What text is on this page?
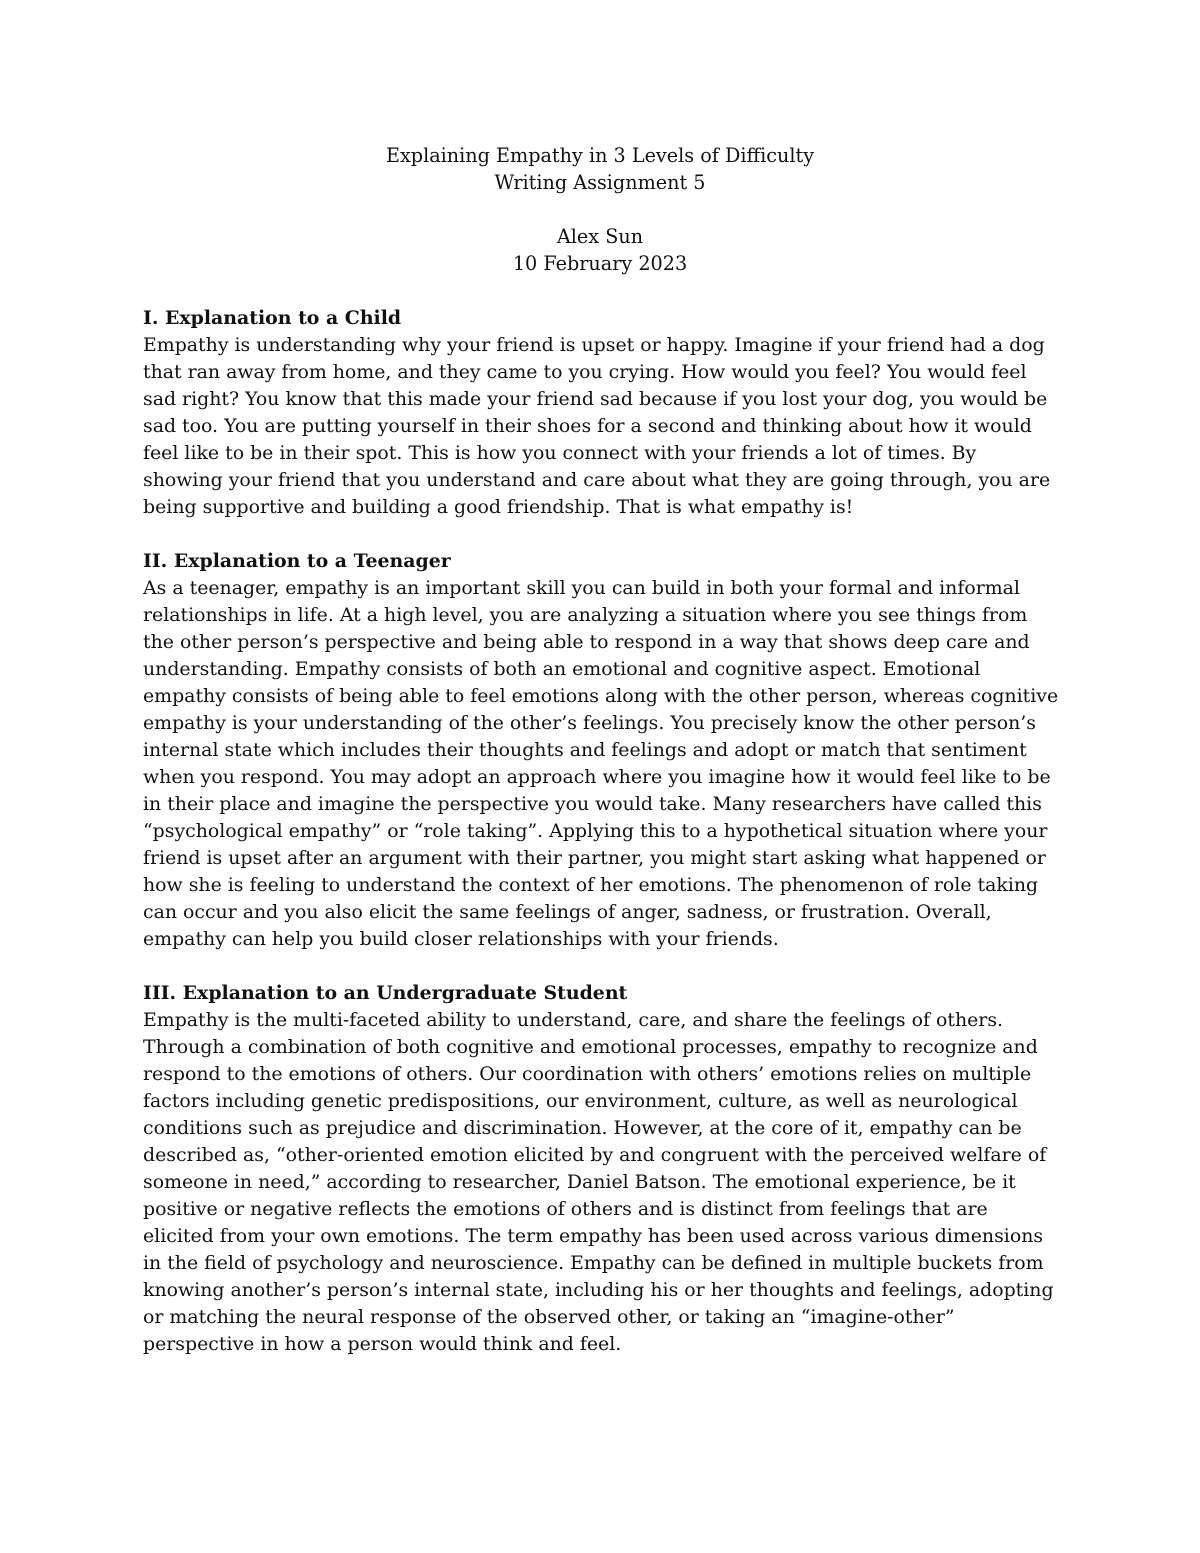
Explaining Empathy in 3 Levels of Difficulty
Writing Assignment 5
Alex Sun
10 February 2023
I. Explanation to a Child

Empathy is understanding why your friend is upset or happy. Imagine if your friend had a dog that ran away from home, and they came to you crying. How would you feel? You would feel sad right? You know that this made your friend sad because if you lost your dog, you would be sad too. You are putting yourself in their shoes for a second and thinking about how it would feel like to be in their spot. This is how you connect with your friends a lot of times. By showing your friend that you understand and care about what they are going through, you are being supportive and building a good friendship. That is what empathy is!

II. Explanation to a Teenager

As a teenager, empathy is an important skill you can build in both your formal and informal relationships in life. At a high level, you are analyzing a situation where you see things from the other person’s perspective and being able to respond in a way that shows deep care and understanding. Empathy consists of both an emotional and cognitive aspect. Emotional empathy consists of being able to feel emotions along with the other person, whereas cognitive empathy is your understanding of the other’s feelings. You precisely know the other person’s internal state which includes their thoughts and feelings and adopt or match that sentiment when you respond. You may adopt an approach where you imagine how it would feel like to be in their place and imagine the perspective you would take. Many researchers have called this “psychological empathy” or “role taking”. Applying this to a hypothetical situation where your friend is upset after an argument with their partner, you might start asking what happened or how she is feeling to understand the context of her emotions. The phenomenon of role taking can occur and you also elicit the same feelings of anger, sadness, or frustration. Overall, empathy can help you build closer relationships with your friends.

III. Explanation to an Undergraduate Student

Empathy is the multi-faceted ability to understand, care, and share the feelings of others. Through a combination of both cognitive and emotional processes, empathy to recognize and respond to the emotions of others. Our coordination with others’ emotions relies on multiple factors including genetic predispositions, our environment, culture, as well as neurological conditions such as prejudice and discrimination. However, at the core of it, empathy can be described as, “other-oriented emotion elicited by and congruent with the perceived welfare of someone in need,” according to researcher, Daniel Batson. The emotional experience, be it positive or negative reflects the emotions of others and is distinct from feelings that are elicited from your own emotions. The term empathy has been used across various dimensions in the field of psychology and neuroscience. Empathy can be defined in multiple buckets from knowing another’s person’s internal state, including his or her thoughts and feelings, adopting or matching the neural response of the observed other, or taking an “imagine-other” perspective in how a person would think and feel.
